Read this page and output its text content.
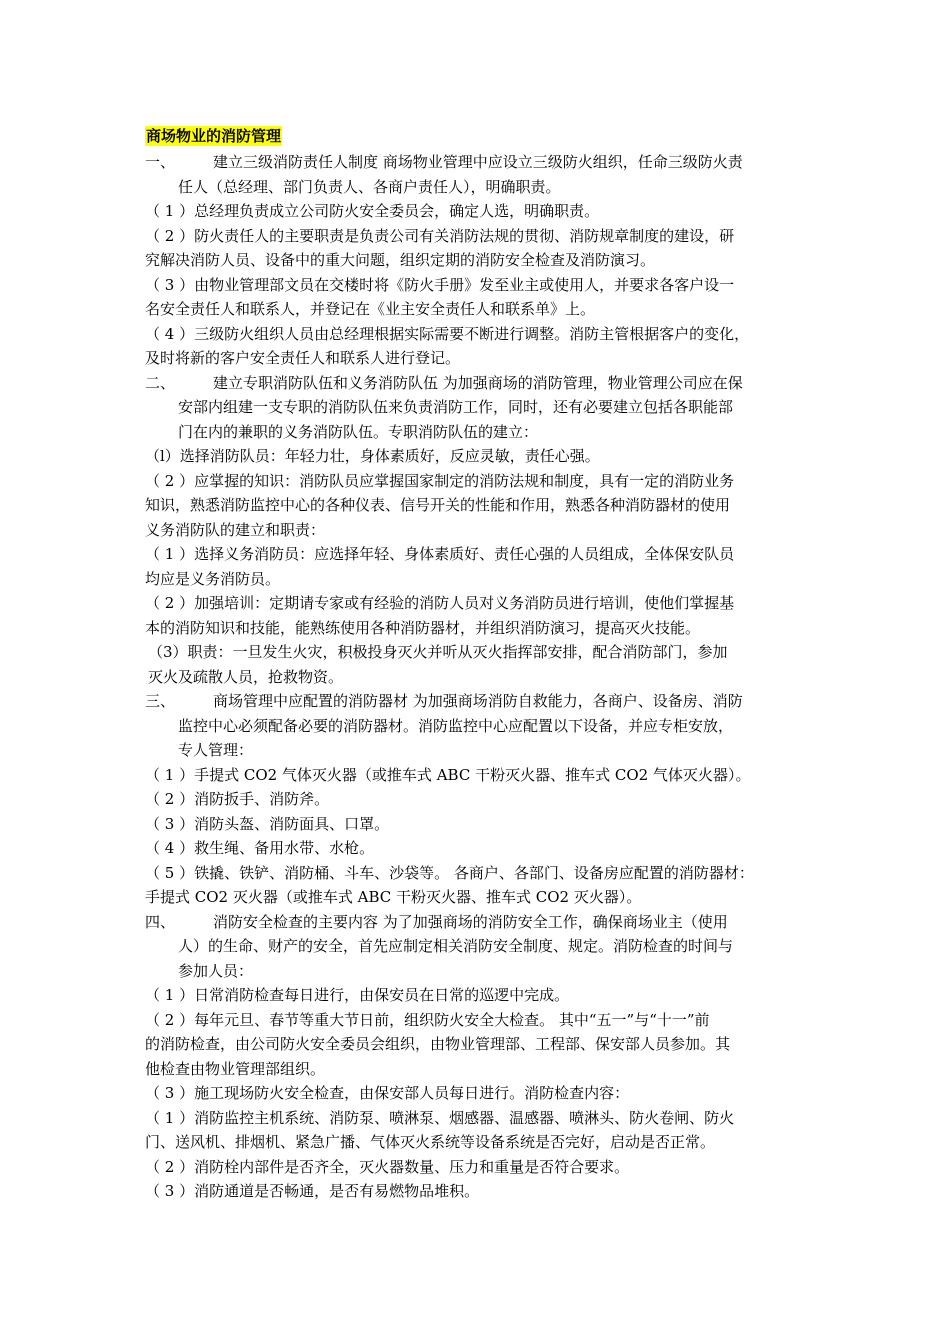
商场物业的消防管理
一、	建立三级消防责任人制度 商场物业管理中应设立三级防火组织，任命三级防火责
任人（总经理、部门负责人、各商户责任人），明确职责。
（ 1 ）总经理负责成立公司防火安全委员会，确定人选，明确职责。
（ 2 ）防火责任人的主要职责是负责公司有关消防法规的贯彻、消防规章制度的建设，研
究解决消防人员、设备中的重大问题，组织定期的消防安全检查及消防演习。
（ 3 ）由物业管理部文员在交楼时将《防火手册》发至业主或使用人，并要求各客户设一
名安全责任人和联系人，并登记在《业主安全责任人和联系单》上。
（ 4 ）三级防火组织人员由总经理根据实际需要不断进行调整。消防主管根据客户的变化，
及时将新的客户安全责任人和联系人进行登记。
二、	建立专职消防队伍和义务消防队伍 为加强商场的消防管理，物业管理公司应在保
安部内组建一支专职的消防队伍来负责消防工作，同时，还有必要建立包括各职能部
门在内的兼职的义务消防队伍。专职消防队伍的建立：
（l）选择消防队员：年轻力壮，身体素质好，反应灵敏，责任心强。
（ 2 ）应掌握的知识：消防队员应掌握国家制定的消防法规和制度，具有一定的消防业务
知识，熟悉消防监控中心的各种仪表、信号开关的性能和作用，熟悉各种消防器材的使用
义务消防队的建立和职责：
（ 1 ）选择义务消防员：应选择年轻、身体素质好、责任心强的人员组成，全体保安队员
均应是义务消防员。
（ 2 ）加强培训：定期请专家或有经验的消防人员对义务消防员进行培训，使他们掌握基
本的消防知识和技能，能熟练使用各种消防器材，并组织消防演习，提高灭火技能。
（3）职责：一旦发生火灾，积极投身灭火并听从灭火指挥部安排，配合消防部门，参加
灭火及疏散人员，抢救物资。
三、	商场管理中应配置的消防器材 为加强商场消防自救能力，各商户、设备房、消防
监控中心必须配备必要的消防器材。消防监控中心应配置以下设备，并应专柜安放，
专人管理：
（ 1 ）手提式 CO2 气体灭火器（或推车式 ABC 干粉灭火器、推车式 CO2 气体灭火器）。
（ 2 ）消防扳手、消防斧。
（ 3 ）消防头盔、消防面具、口罩。
（ 4 ）救生绳、备用水带、水枪。
（ 5 ）铁撬、铁铲、消防桶、斗车、沙袋等。 各商户、各部门、设备房应配置的消防器材：
手提式 CO2 灭火器（或推车式 ABC 干粉灭火器、推车式 CO2 灭火器）。
四、	消防安全检查的主要内容 为了加强商场的消防安全工作，确保商场业主（使用
人）的生命、财产的安全，首先应制定相关消防安全制度、规定。消防检查的时间与
参加人员：
（ 1 ）日常消防检查每日进行，由保安员在日常的巡逻中完成。
（ 2 ）每年元旦、春节等重大节日前，组织防火安全大检查。 其中“五一”与“十一”前
的消防检查，由公司防火安全委员会组织，由物业管理部、工程部、保安部人员参加。其
他检查由物业管理部组织。
（ 3 ）施工现场防火安全检查，由保安部人员每日进行。消防检查内容：
（ 1 ）消防监控主机系统、消防泵、喷淋泵、烟感器、温感器、喷淋头、防火卷闸、防火
门、送风机、排烟机、紧急广播、气体灭火系统等设备系统是否完好，启动是否正常。
（ 2 ）消防栓内部件是否齐全，灭火器数量、压力和重量是否符合要求。
（ 3 ）消防通道是否畅通，是否有易燃物品堆积。
